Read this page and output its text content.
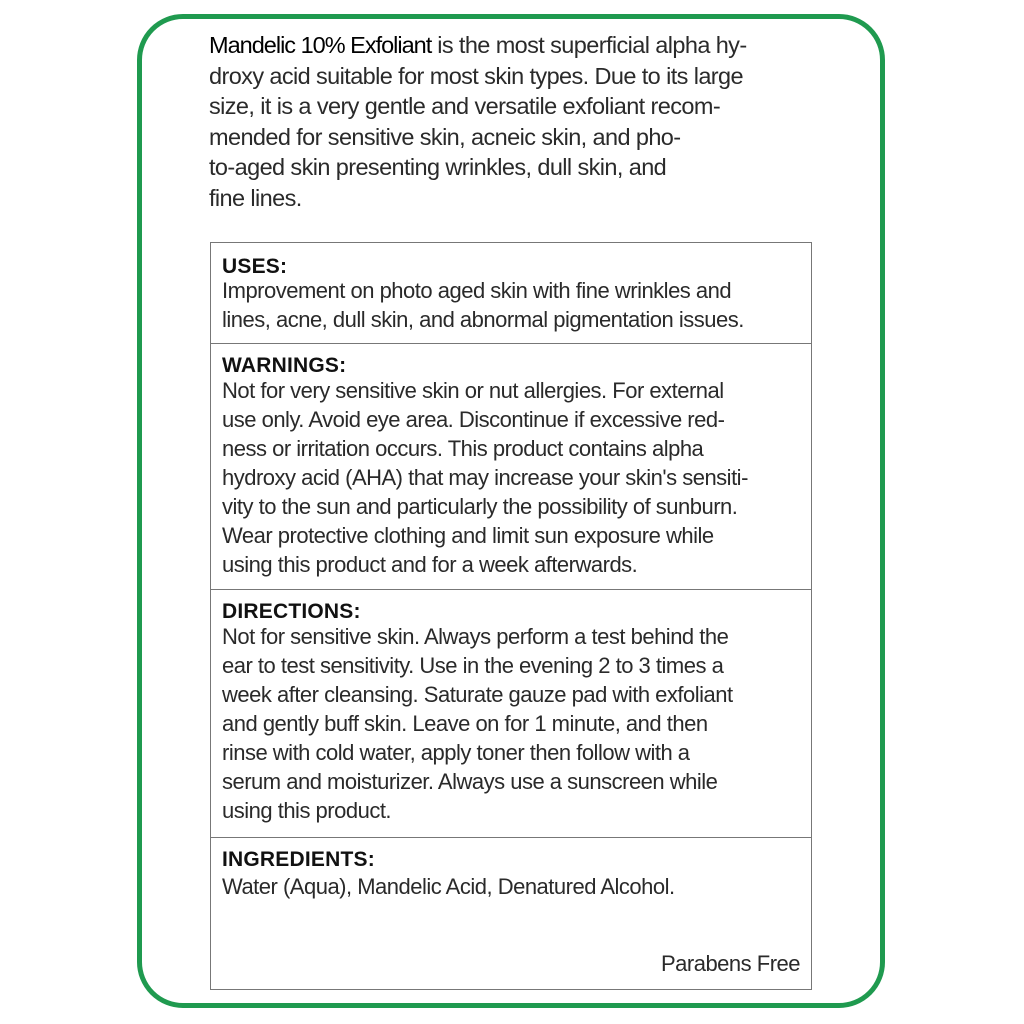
Mandelic 10% Exfoliant is the most superficial alpha hy-
droxy acid suitable for most skin types. Due to its large
size, it is a very gentle and versatile exfoliant recom-
mended for sensitive skin, acneic skin, and pho-
to-aged skin presenting wrinkles, dull skin, and
fine lines.
USES:
Improvement on photo aged skin with fine wrinkles and
lines, acne, dull skin, and abnormal pigmentation issues.
WARNINGS:
Not for very sensitive skin or nut allergies. For external
use only. Avoid eye area. Discontinue if excessive red-
ness or irritation occurs. This product contains alpha
hydroxy acid (AHA) that may increase your skin's sensiti-
vity to the sun and particularly the possibility of sunburn.
Wear protective clothing and limit sun exposure while
using this product and for a week afterwards.
DIRECTIONS:
Not for sensitive skin. Always perform a test behind the
ear to test sensitivity. Use in the evening 2 to 3 times a
week after cleansing. Saturate gauze pad with exfoliant
and gently buff skin. Leave on for 1 minute, and then
rinse with cold water, apply toner then follow with a
serum and moisturizer. Always use a sunscreen while
using this product.
INGREDIENTS:
Water (Aqua), Mandelic Acid, Denatured Alcohol.
Parabens Free
